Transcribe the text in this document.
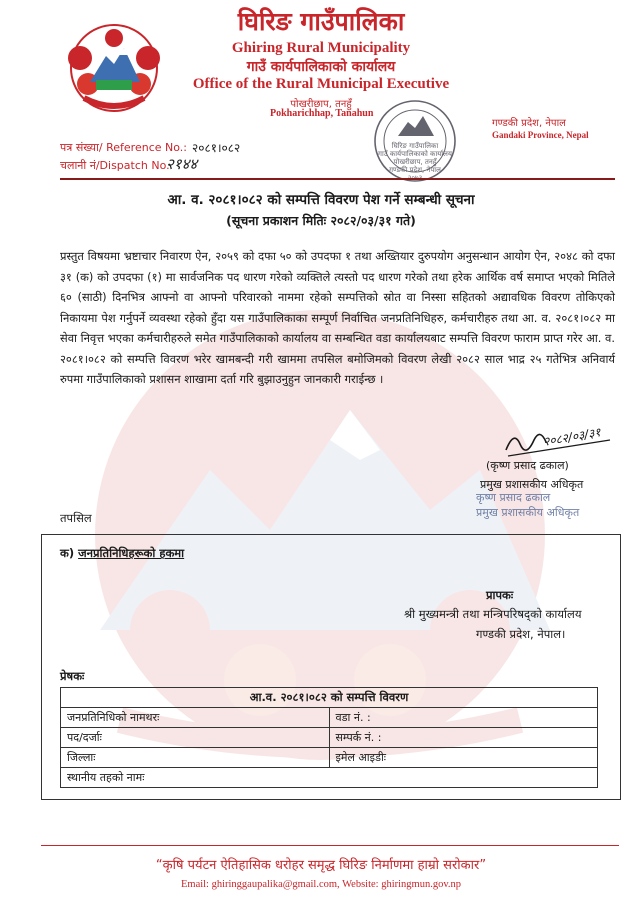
घिरिङ गाउँपालिका
Ghiring Rural Municipality
गाउँ कार्यपालिकाको कार्यालय
Office of the Rural Municipal Executive
पोखरीछाप, तनहुँ
Pokharichhap, Tanahun
गण्डकी प्रदेश, नेपाल
Gandaki Province, Nepal
घिरिङ गाउँपालिका
गाउँ कार्यपालिकाको कार्यालय
पोखरीछाप, तनहुँ
गण्डकी प्रदेश, नेपाल
२०७३
पत्र संख्या/ Reference No.: २०८१।०८२
चलानी नं/Dispatch No.
२१४४
आ. व. २०८१।०८२ को सम्पत्ति विवरण पेश गर्ने सम्बन्धी सूचना
(सूचना प्रकाशन मितिः २०८२/०३/३१ गते)

प्रस्तुत विषयमा भ्रष्टाचार निवारण ऐन, २०५९ को दफा ५० को उपदफा १ तथा अख्तियार दुरुपयोग अनुसन्धान आयोग ऐन, २०४८ को दफा ३१ (क) को उपदफा (१) मा सार्वजनिक पद धारण गरेको व्यक्तिले त्यस्तो पद धारण गरेको तथा हरेक आर्थिक वर्ष समाप्त भएको मितिले ६० (साठी) दिनभित्र आफ्नो वा आफ्नो परिवारको नाममा रहेको सम्पत्तिको स्रोत वा निस्सा सहितको अद्यावधिक विवरण तोकिएको निकायमा पेश गर्नुपर्ने व्यवस्था रहेको हुँदा यस गाउँपालिकाका सम्पूर्ण निर्वाचित जनप्रतिनिधिहरु, कर्मचारीहरु तथा आ. व. २०८१।०८२ मा सेवा निवृत्त भएका कर्मचारीहरुले समेत गाउँपालिकाको कार्यालय वा सम्बन्धित वडा कार्यालयबाट सम्पत्ति विवरण फाराम प्राप्त गरेर आ. व. २०८१।०८२ को सम्पत्ति विवरण भरेर खामबन्दी गरी खाममा तपसिल बमोजिमको विवरण लेखी २०८२ साल भाद्र २५ गतेभित्र अनिवार्य रुपमा गाउँपालिकाको प्रशासन शाखामा दर्ता गरि बुझाउनुहुन जानकारी गराईन्छ ।

२०८२/०३/३१
(कृष्ण प्रसाद ढकाल)
प्रमुख प्रशासकीय अधिकृत
कृष्ण प्रसाद ढकाल
प्रमुख प्रशासकीय अधिकृत
तपसिल
क) जनप्रतिनिधिहरूको हकमा
प्रापकः
श्री मुख्यमन्त्री तथा मन्त्रिपरिषद्को कार्यालय
गण्डकी प्रदेश, नेपाल।
प्रेषकः
आ.व. २०८१।०८२ को सम्पत्ति विवरण	
जनप्रतिनिधिको नामथरः	वडा नं. :
पद/दर्जाः	सम्पर्क नं. :
जिल्लाः	इमेल आइडीः
स्थानीय तहको नामः	
“कृषि पर्यटन ऐतिहासिक धरोहर समृद्ध घिरिङ निर्माणमा हाम्रो सरोकार”
Email: ghiringgaupalika@gmail.com, Website: ghiringmun.gov.np
